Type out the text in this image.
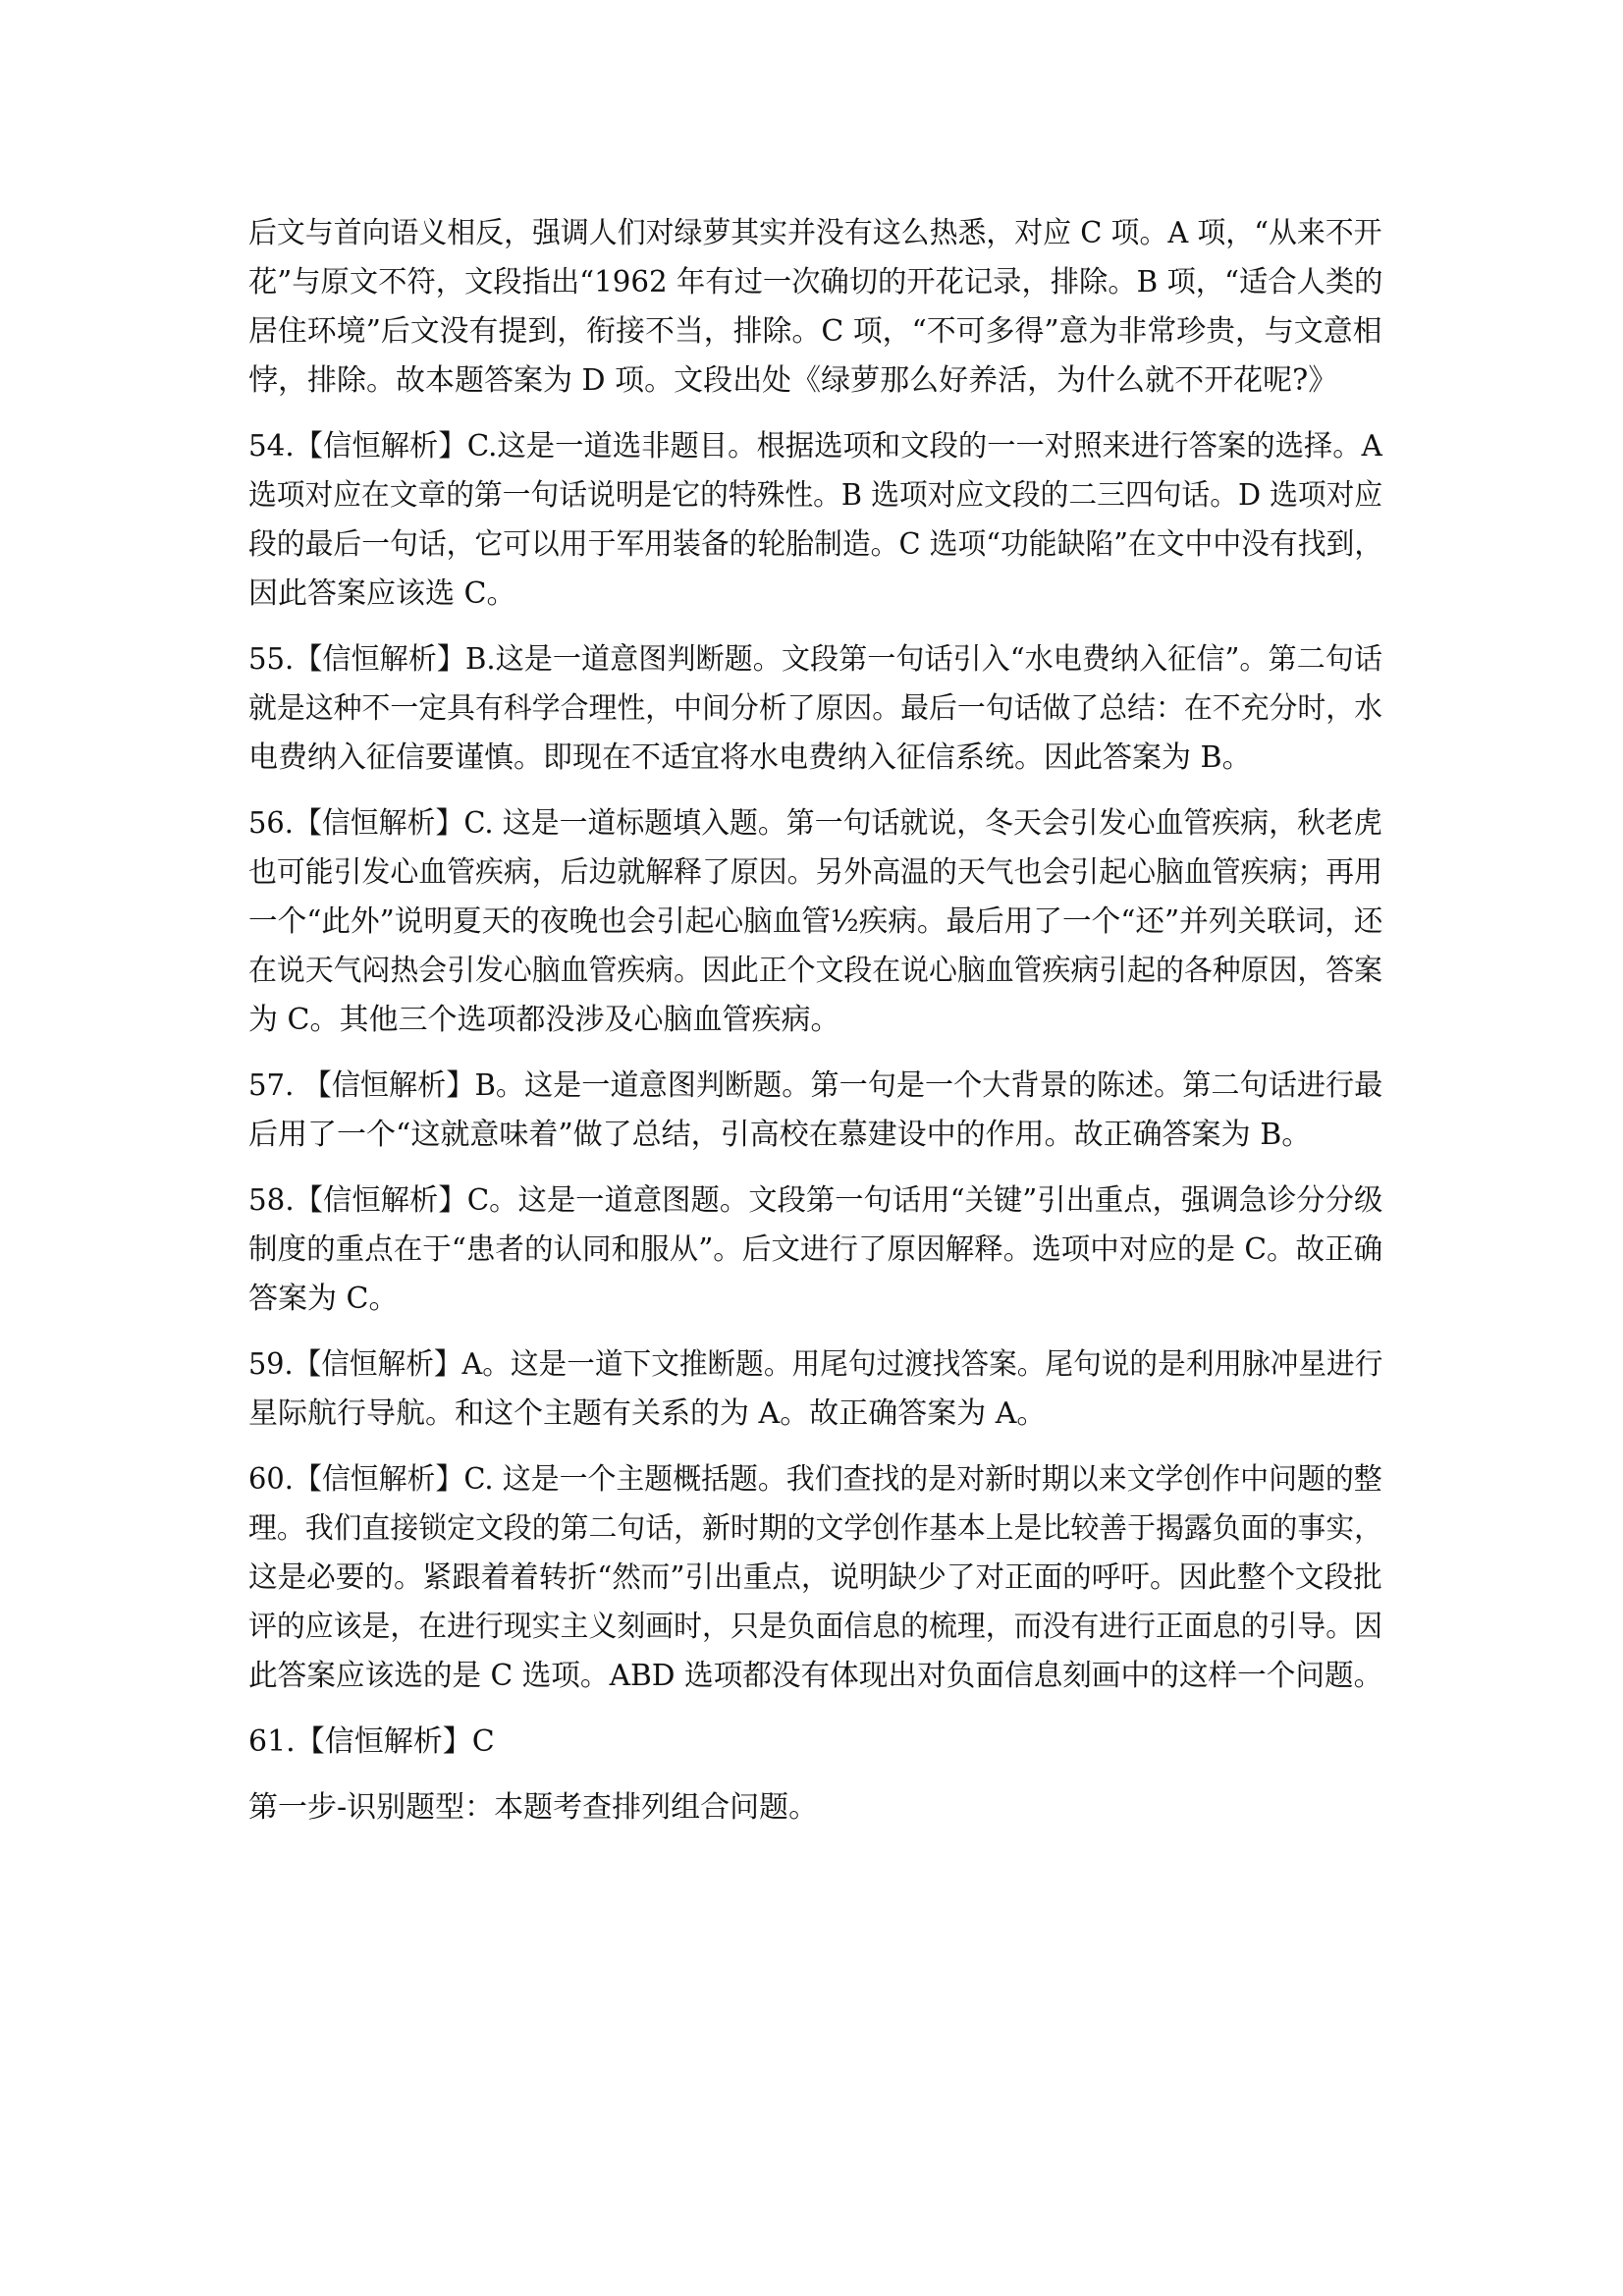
后文与首向语义相反，强调人们对绿萝其实并没有这么热悉，对应 C 项。A 项，“从来不开
花”与原文不符，文段指出“1962 年有过一次确切的开花记录，排除。B 项，“适合人类的
居住环境”后文没有提到，衔接不当，排除。C 项，“不可多得”意为非常珍贵，与文意相
悖，排除。故本题答案为 D 项。文段出处《绿萝那么好养活，为什么就不开花呢?》
54.【信恒解析】C.这是一道选非题目。根据选项和文段的一一对照来进行答案的选择。A
选项对应在文章的第一句话说明是它的特殊性。B 选项对应文段的二三四句话。D 选项对应
段的最后一句话，它可以用于军用装备的轮胎制造。C 选项“功能缺陷”在文中中没有找到，
因此答案应该选 C。
55.【信恒解析】B.这是一道意图判断题。文段第一句话引入“水电费纳入征信”。第二句话
就是这种不一定具有科学合理性，中间分析了原因。最后一句话做了总结：在不充分时，水
电费纳入征信要谨慎。即现在不适宜将水电费纳入征信系统。因此答案为 B。
56.【信恒解析】C. 这是一道标题填入题。第一句话就说，冬天会引发心血管疾病，秋老虎
也可能引发心血管疾病，后边就解释了原因。另外高温的天气也会引起心脑血管疾病；再用
一个“此外”说明夏天的夜晚也会引起心脑血管½疾病。最后用了一个“还”并列关联词，还
在说天气闷热会引发心脑血管疾病。因此正个文段在说心脑血管疾病引起的各种原因，答案
为 C。其他三个选项都没涉及心脑血管疾病。
57. 【信恒解析】B。这是一道意图判断题。第一句是一个大背景的陈述。第二句话进行最
后用了一个“这就意味着”做了总结，引高校在慕建设中的作用。故正确答案为 B。
58.【信恒解析】C。这是一道意图题。文段第一句话用“关键”引出重点，强调急诊分分级
制度的重点在于“患者的认同和服从”。后文进行了原因解释。选项中对应的是 C。故正确
答案为 C。
59.【信恒解析】A。这是一道下文推断题。用尾句过渡找答案。尾句说的是利用脉冲星进行
星际航行导航。和这个主题有关系的为 A。故正确答案为 A。
60.【信恒解析】C. 这是一个主题概括题。我们查找的是对新时期以来文学创作中问题的整
理。我们直接锁定文段的第二句话，新时期的文学创作基本上是比较善于揭露负面的事实，
这是必要的。紧跟着着转折“然而”引出重点，说明缺少了对正面的呼吁。因此整个文段批
评的应该是，在进行现实主义刻画时，只是负面信息的梳理，而没有进行正面息的引导。因
此答案应该选的是 C 选项。ABD 选项都没有体现出对负面信息刻画中的这样一个问题。
61.【信恒解析】C
第一步-识别题型：本题考查排列组合问题。
